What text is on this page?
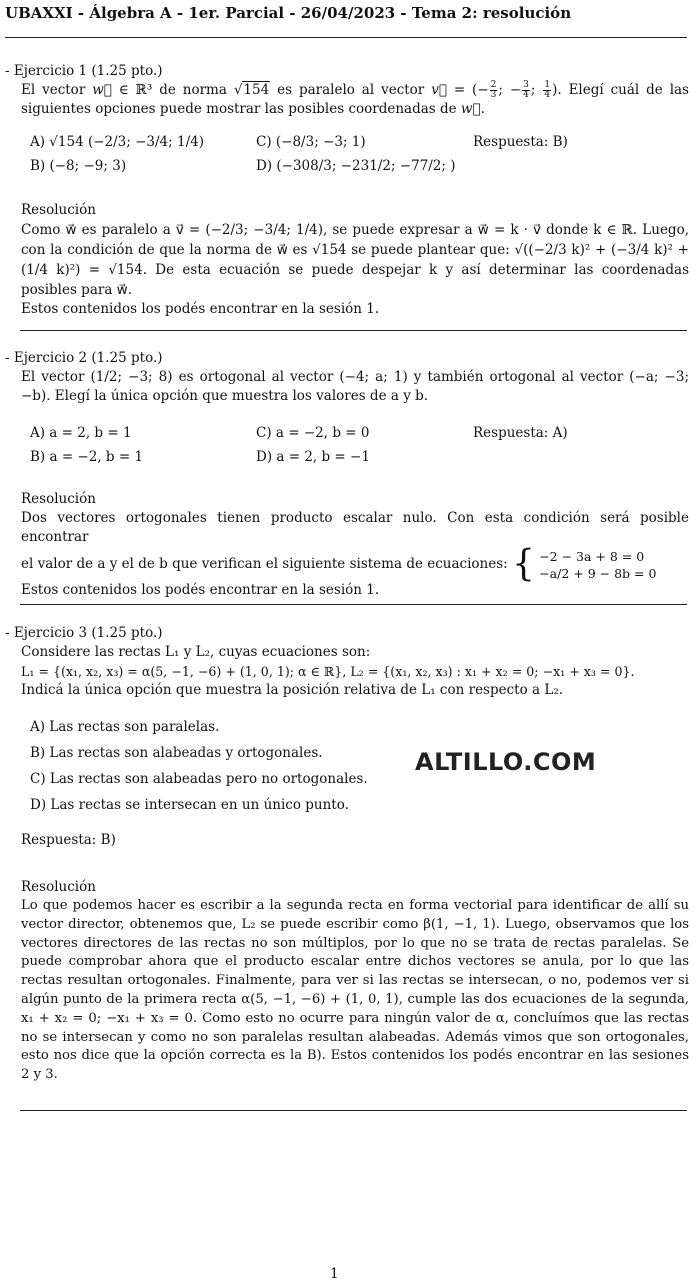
UBAXXI - Álgebra A - 1er. Parcial - 26/04/2023 - Tema 2: resolución
- Ejercicio 1 (1.25 pto.)
El vector w⃗ ∈ ℝ³ de norma √154 es paralelo al vector v⃗ = (− $\frac{2}{3}$ ; − $\frac{3}{4}$ ; $\frac{1}{4}$ ). Elegí cuál de las siguientes opciones puede mostrar las posibles coordenadas de w⃗.
A) √154 (−2/3; −3/4; 1/4)
B) (−8; −9; 3)
C) (−8/3; −3; 1)
D) (−308/3; −231/2; −77/2; )
Respuesta: B)
Resolución
Como w⃗ es paralelo a v⃗ = (−2/3; −3/4; 1/4), se puede expresar a w⃗ = k · v⃗ donde k ∈ ℝ. Luego, con la condición de que la norma de w⃗ es √154 se puede plantear que: √((−2/3 k)² + (−3/4 k)² + (1/4 k)²) = √154. De esta ecuación se puede despejar k y así determinar las coordenadas posibles para w⃗.
Estos contenidos los podés encontrar en la sesión 1.
- Ejercicio 2 (1.25 pto.)
El vector (1/2; −3; 8) es ortogonal al vector (−4; a; 1) y también ortogonal al vector (−a; −3; −b). Elegí la única opción que muestra los valores de a y b.
A) a = 2, b = 1
B) a = −2, b = 1
C) a = −2, b = 0
D) a = 2, b = −1
Respuesta: A)
Resolución
Dos vectores ortogonales tienen producto escalar nulo. Con esta condición será posible encontrar
el valor de a y el de b que verifican el siguiente sistema de ecuaciones: { −2 − 3a + 8 = 0
−a/2 + 9 − 8b = 0
Estos contenidos los podés encontrar en la sesión 1.
- Ejercicio 3 (1.25 pto.)
Considere las rectas L₁ y L₂, cuyas ecuaciones son:
L₁ = {(x₁, x₂, x₃) = α(5, −1, −6) + (1, 0, 1); α ∈ ℝ}, L₂ = {(x₁, x₂, x₃) : x₁ + x₂ = 0; −x₁ + x₃ = 0}.
Indicá la única opción que muestra la posición relativa de L₁ con respecto a L₂.
A) Las rectas son paralelas.
B) Las rectas son alabeadas y ortogonales.
C) Las rectas son alabeadas pero no ortogonales.
D) Las rectas se intersecan en un único punto.
ALTILLO.COM
Respuesta: B)
Resolución
Lo que podemos hacer es escribir a la segunda recta en forma vectorial para identificar de allí su vector director, obtenemos que, L₂ se puede escribir como β(1, −1, 1). Luego, observamos que los vectores directores de las rectas no son múltiplos, por lo que no se trata de rectas paralelas. Se puede comprobar ahora que el producto escalar entre dichos vectores se anula, por lo que las rectas resultan ortogonales. Finalmente, para ver si las rectas se intersecan, o no, podemos ver si algún punto de la primera recta α(5, −1, −6) + (1, 0, 1), cumple las dos ecuaciones de la segunda, x₁ + x₂ = 0; −x₁ + x₃ = 0. Como esto no ocurre para ningún valor de α, concluímos que las rectas no se intersecan y como no son paralelas resultan alabeadas. Además vimos que son ortogonales, esto nos dice que la opción correcta es la B). Estos contenidos los podés encontrar en las sesiones 2 y 3.
1
